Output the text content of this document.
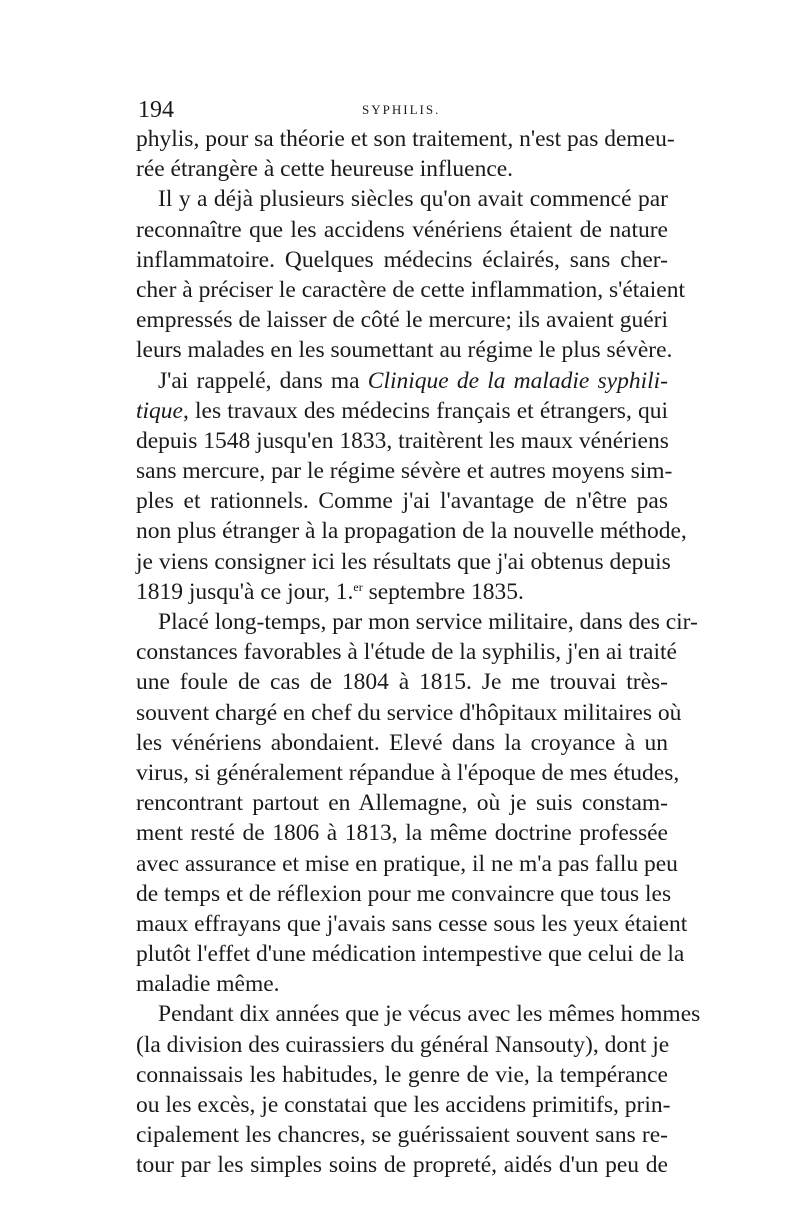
194	SYPHILIS.
phylis, pour sa théorie et son traitement, n'est pas demeu-
rée étrangère à cette heureuse influence.
Il y a déjà plusieurs siècles qu'on avait commencé par
reconnaître que les accidens vénériens étaient de nature
inflammatoire. Quelques médecins éclairés, sans cher-
cher à préciser le caractère de cette inflammation, s'étaient
empressés de laisser de côté le mercure; ils avaient guéri
leurs malades en les soumettant au régime le plus sévère.
J'ai rappelé, dans ma Clinique de la maladie syphili-
tique, les travaux des médecins français et étrangers, qui
depuis 1548 jusqu'en 1833, traitèrent les maux vénériens
sans mercure, par le régime sévère et autres moyens sim-
ples et rationnels. Comme j'ai l'avantage de n'être pas
non plus étranger à la propagation de la nouvelle méthode,
je viens consigner ici les résultats que j'ai obtenus depuis
1819 jusqu'à ce jour, 1.$^{er}$ septembre 1835.
Placé long-temps, par mon service militaire, dans des cir-
constances favorables à l'étude de la syphilis, j'en ai traité
une foule de cas de 1804 à 1815. Je me trouvai très-
souvent chargé en chef du service d'hôpitaux militaires où
les vénériens abondaient. Elevé dans la croyance à un
virus, si généralement répandue à l'époque de mes études,
rencontrant partout en Allemagne, où je suis constam-
ment resté de 1806 à 1813, la même doctrine professée
avec assurance et mise en pratique, il ne m'a pas fallu peu
de temps et de réflexion pour me convaincre que tous les
maux effrayans que j'avais sans cesse sous les yeux étaient
plutôt l'effet d'une médication intempestive que celui de la
maladie même.
Pendant dix années que je vécus avec les mêmes hommes
(la division des cuirassiers du général Nansouty), dont je
connaissais les habitudes, le genre de vie, la tempérance
ou les excès, je constatai que les accidens primitifs, prin-
cipalement les chancres, se guérissaient souvent sans re-
tour par les simples soins de propreté, aidés d'un peu de
